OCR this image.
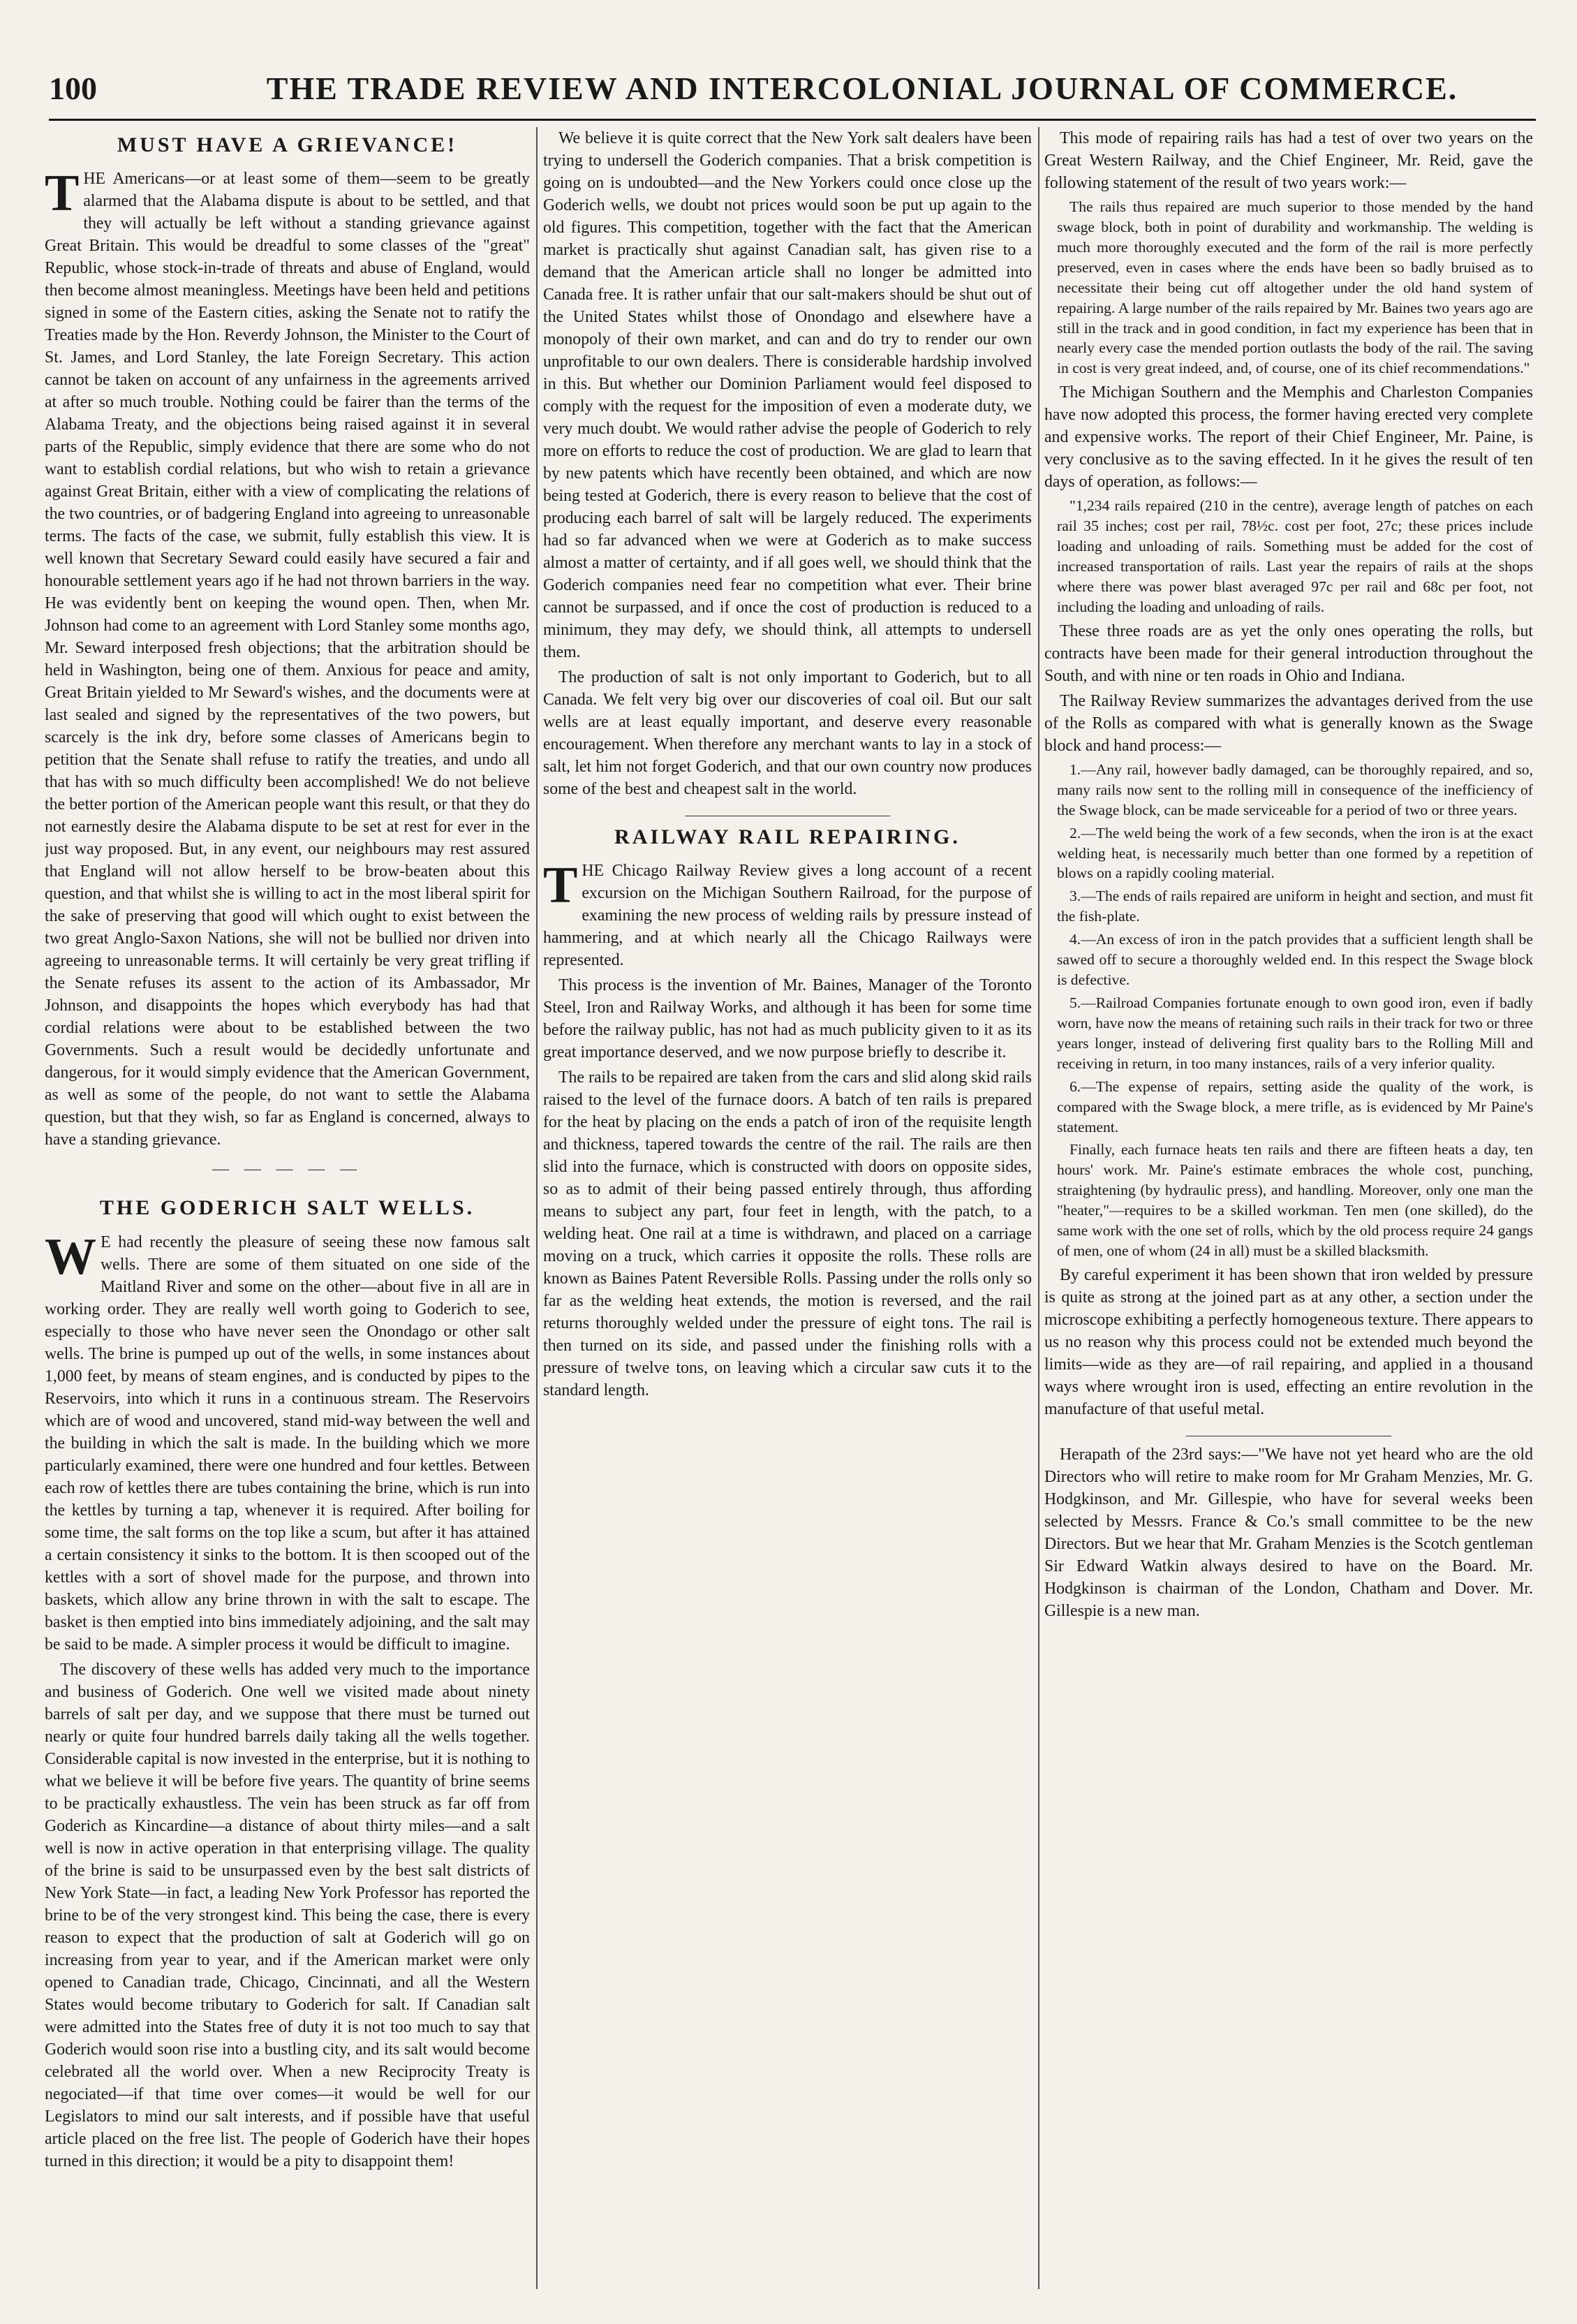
100	THE TRADE REVIEW AND INTERCOLONIAL JOURNAL OF COMMERCE.
MUST HAVE A GRIEVANCE!

THE Americans—or at least some of them—seem to be greatly alarmed that the Alabama dispute is about to be settled, and that they will actually be left without a standing grievance against Great Britain. This would be dreadful to some classes of the "great" Republic, whose stock-in-trade of threats and abuse of England, would then become almost meaningless. Meetings have been held and petitions signed in some of the Eastern cities, asking the Senate not to ratify the Treaties made by the Hon. Reverdy Johnson, the Minister to the Court of St. James, and Lord Stanley, the late Foreign Secretary. This action cannot be taken on account of any unfairness in the agreements arrived at after so much trouble. Nothing could be fairer than the terms of the Alabama Treaty, and the objections being raised against it in several parts of the Republic, simply evidence that there are some who do not want to establish cordial relations, but who wish to retain a grievance against Great Britain, either with a view of complicating the relations of the two countries, or of badgering England into agreeing to unreasonable terms. The facts of the case, we submit, fully establish this view. It is well known that Secretary Seward could easily have secured a fair and honourable settlement years ago if he had not thrown barriers in the way. He was evidently bent on keeping the wound open. Then, when Mr. Johnson had come to an agreement with Lord Stanley some months ago, Mr. Seward interposed fresh objections; that the arbitration should be held in Washington, being one of them. Anxious for peace and amity, Great Britain yielded to Mr Seward's wishes, and the documents were at last sealed and signed by the representatives of the two powers, but scarcely is the ink dry, before some classes of Americans begin to petition that the Senate shall refuse to ratify the treaties, and undo all that has with so much difficulty been accomplished! We do not believe the better portion of the American people want this result, or that they do not earnestly desire the Alabama dispute to be set at rest for ever in the just way proposed. But, in any event, our neighbours may rest assured that England will not allow herself to be brow-beaten about this question, and that whilst she is willing to act in the most liberal spirit for the sake of preserving that good will which ought to exist between the two great Anglo-Saxon Nations, she will not be bullied nor driven into agreeing to unreasonable terms. It will certainly be very great trifling if the Senate refuses its assent to the action of its Ambassador, Mr Johnson, and disappoints the hopes which everybody has had that cordial relations were about to be established between the two Governments. Such a result would be decidedly unfortunate and dangerous, for it would simply evidence that the American Government, as well as some of the people, do not want to settle the Alabama question, but that they wish, so far as England is concerned, always to have a standing grievance.

— — — — —
THE GODERICH SALT WELLS.

W E had recently the pleasure of seeing these now famous salt wells. There are some of them situated on one side of the Maitland River and some on the other—about five in all are in working order. They are really well worth going to Goderich to see, especially to those who have never seen the Onondago or other salt wells. The brine is pumped up out of the wells, in some instances about 1,000 feet, by means of steam engines, and is conducted by pipes to the Reservoirs, into which it runs in a continuous stream. The Reservoirs which are of wood and uncovered, stand mid-way between the well and the building in which the salt is made. In the building which we more particularly examined, there were one hundred and four kettles. Between each row of kettles there are tubes containing the brine, which is run into the kettles by turning a tap, whenever it is required. After boiling for some time, the salt forms on the top like a scum, but after it has attained a certain consistency it sinks to the bottom. It is then scooped out of the kettles with a sort of shovel made for the purpose, and thrown into baskets, which allow any brine thrown in with the salt to escape. The basket is then emptied into bins immediately adjoining, and the salt may be said to be made. A simpler process it would be difficult to imagine.

The discovery of these wells has added very much to the importance and business of Goderich. One well we visited made about ninety barrels of salt per day, and we suppose that there must be turned out nearly or quite four hundred barrels daily taking all the wells together. Considerable capital is now invested in the enterprise, but it is nothing to what we believe it will be before five years. The quantity of brine seems to be practically exhaustless. The vein has been struck as far off from Goderich as Kincardine—a distance of about thirty miles—and a salt well is now in active operation in that enterprising village. The quality of the brine is said to be unsurpassed even by the best salt districts of New York State—in fact, a leading New York Professor has reported the brine to be of the very strongest kind. This being the case, there is every reason to expect that the production of salt at Goderich will go on increasing from year to year, and if the American market were only opened to Canadian trade, Chicago, Cincinnati, and all the Western States would become tributary to Goderich for salt. If Canadian salt were admitted into the States free of duty it is not too much to say that Goderich would soon rise into a bustling city, and its salt would become celebrated all the world over. When a new Reciprocity Treaty is negociated—if that time over comes—it would be well for our Legislators to mind our salt interests, and if possible have that useful article placed on the free list. The people of Goderich have their hopes turned in this direction; it would be a pity to disappoint them!

We believe it is quite correct that the New York salt dealers have been trying to undersell the Goderich companies. That a brisk competition is going on is undoubted—and the New Yorkers could once close up the Goderich wells, we doubt not prices would soon be put up again to the old figures. This competition, together with the fact that the American market is practically shut against Canadian salt, has given rise to a demand that the American article shall no longer be admitted into Canada free. It is rather unfair that our salt-makers should be shut out of the United States whilst those of Onondago and elsewhere have a monopoly of their own market, and can and do try to render our own unprofitable to our own dealers. There is considerable hardship involved in this. But whether our Dominion Parliament would feel disposed to comply with the request for the imposition of even a moderate duty, we very much doubt. We would rather advise the people of Goderich to rely more on efforts to reduce the cost of production. We are glad to learn that by new patents which have recently been obtained, and which are now being tested at Goderich, there is every reason to believe that the cost of producing each barrel of salt will be largely reduced. The experiments had so far advanced when we were at Goderich as to make success almost a matter of certainty, and if all goes well, we should think that the Goderich companies need fear no competition what ever. Their brine cannot be surpassed, and if once the cost of production is reduced to a minimum, they may defy, we should think, all attempts to undersell them.

The production of salt is not only important to Goderich, but to all Canada. We felt very big over our discoveries of coal oil. But our salt wells are at least equally important, and deserve every reasonable encouragement. When therefore any merchant wants to lay in a stock of salt, let him not forget Goderich, and that our own country now produces some of the best and cheapest salt in the world.

RAILWAY RAIL REPAIRING.

THE Chicago Railway Review gives a long account of a recent excursion on the Michigan Southern Railroad, for the purpose of examining the new process of welding rails by pressure instead of hammering, and at which nearly all the Chicago Railways were represented.

This process is the invention of Mr. Baines, Manager of the Toronto Steel, Iron and Railway Works, and although it has been for some time before the railway public, has not had as much publicity given to it as its great importance deserved, and we now purpose briefly to describe it.

The rails to be repaired are taken from the cars and slid along skid rails raised to the level of the furnace doors. A batch of ten rails is prepared for the heat by placing on the ends a patch of iron of the requisite length and thickness, tapered towards the centre of the rail. The rails are then slid into the furnace, which is constructed with doors on opposite sides, so as to admit of their being passed entirely through, thus affording means to subject any part, four feet in length, with the patch, to a welding heat. One rail at a time is withdrawn, and placed on a carriage moving on a truck, which carries it opposite the rolls. These rolls are known as Baines Patent Reversible Rolls. Passing under the rolls only so far as the welding heat extends, the motion is reversed, and the rail returns thoroughly welded under the pressure of eight tons. The rail is then turned on its side, and passed under the finishing rolls with a pressure of twelve tons, on leaving which a circular saw cuts it to the standard length.

This mode of repairing rails has had a test of over two years on the Great Western Railway, and the Chief Engineer, Mr. Reid, gave the following statement of the result of two years work:—

The rails thus repaired are much superior to those mended by the hand swage block, both in point of durability and workmanship. The welding is much more thoroughly executed and the form of the rail is more perfectly preserved, even in cases where the ends have been so badly bruised as to necessitate their being cut off altogether under the old hand system of repairing. A large number of the rails repaired by Mr. Baines two years ago are still in the track and in good condition, in fact my experience has been that in nearly every case the mended portion outlasts the body of the rail. The saving in cost is very great indeed, and, of course, one of its chief recommendations."

The Michigan Southern and the Memphis and Charleston Companies have now adopted this process, the former having erected very complete and expensive works. The report of their Chief Engineer, Mr. Paine, is very conclusive as to the saving effected. In it he gives the result of ten days of operation, as follows:—

"1,234 rails repaired (210 in the centre), average length of patches on each rail 35 inches; cost per rail, 78½c. cost per foot, 27c; these prices include loading and unloading of rails. Something must be added for the cost of increased transportation of rails. Last year the repairs of rails at the shops where there was power blast averaged 97c per rail and 68c per foot, not including the loading and unloading of rails.

These three roads are as yet the only ones operating the rolls, but contracts have been made for their general introduction throughout the South, and with nine or ten roads in Ohio and Indiana.

The Railway Review summarizes the advantages derived from the use of the Rolls as compared with what is generally known as the Swage block and hand process:—

1.—Any rail, however badly damaged, can be thoroughly repaired, and so, many rails now sent to the rolling mill in consequence of the inefficiency of the Swage block, can be made serviceable for a period of two or three years.

2.—The weld being the work of a few seconds, when the iron is at the exact welding heat, is necessarily much better than one formed by a repetition of blows on a rapidly cooling material.

3.—The ends of rails repaired are uniform in height and section, and must fit the fish-plate.

4.—An excess of iron in the patch provides that a sufficient length shall be sawed off to secure a thoroughly welded end. In this respect the Swage block is defective.

5.—Railroad Companies fortunate enough to own good iron, even if badly worn, have now the means of retaining such rails in their track for two or three years longer, instead of delivering first quality bars to the Rolling Mill and receiving in return, in too many instances, rails of a very inferior quality.

6.—The expense of repairs, setting aside the quality of the work, is compared with the Swage block, a mere trifle, as is evidenced by Mr Paine's statement.

Finally, each furnace heats ten rails and there are fifteen heats a day, ten hours' work. Mr. Paine's estimate embraces the whole cost, punching, straightening (by hydraulic press), and handling. Moreover, only one man the "heater,"—requires to be a skilled workman. Ten men (one skilled), do the same work with the one set of rolls, which by the old process require 24 gangs of men, one of whom (24 in all) must be a skilled blacksmith.

By careful experiment it has been shown that iron welded by pressure is quite as strong at the joined part as at any other, a section under the microscope exhibiting a perfectly homogeneous texture. There appears to us no reason why this process could not be extended much beyond the limits—wide as they are—of rail repairing, and applied in a thousand ways where wrought iron is used, effecting an entire revolution in the manufacture of that useful metal.

Herapath of the 23rd says:—"We have not yet heard who are the old Directors who will retire to make room for Mr Graham Menzies, Mr. G. Hodgkinson, and Mr. Gillespie, who have for several weeks been selected by Messrs. France & Co.'s small committee to be the new Directors. But we hear that Mr. Graham Menzies is the Scotch gentleman Sir Edward Watkin always desired to have on the Board. Mr. Hodgkinson is chairman of the London, Chatham and Dover. Mr. Gillespie is a new man.
